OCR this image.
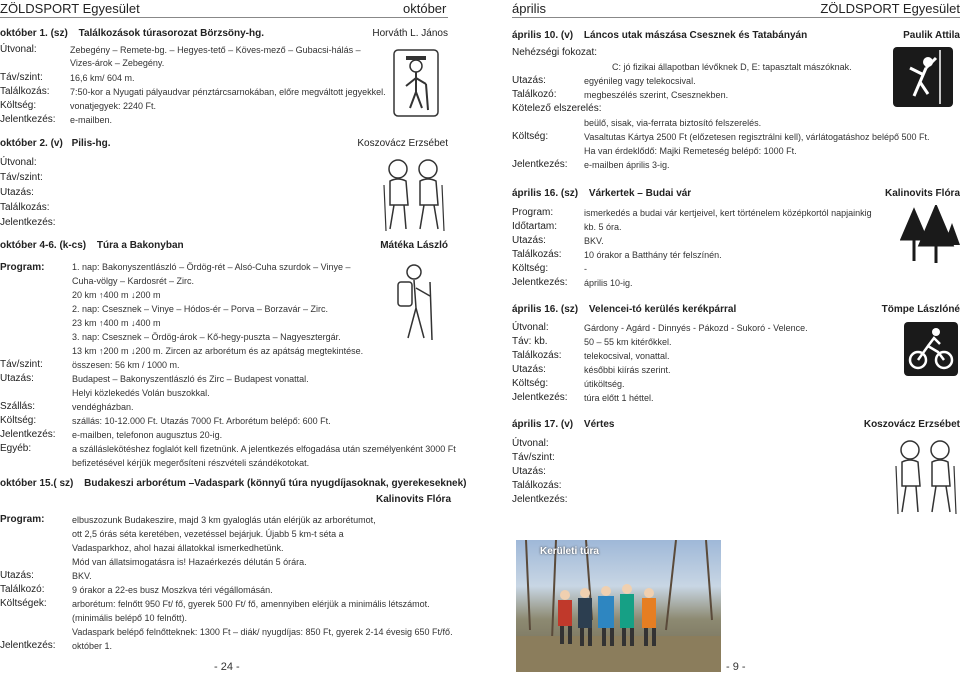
ZÖLDSPORT Egyesület	október
október 1. (sz) Találkozások túrasorozat Börzsöny-hg.	Horváth L. János
Útvonal:	Zebegény – Remete-bg. – Hegyes-tető – Köves-mező – Gubacsi-hálás –
Vizes-árok – Zebegény.
Táv/szint:	16,6 km/ 604 m.
Találkozás: 7:50-kor a Nyugati pályaudvar pénztárcsarnokában, előre megváltott jegyekkel.
Költség:	vonatjegyek: 2240 Ft.
Jelentkezés: e-mailben.
október 2. (v) Pilis-hg.	Koszovácz Erzsébet
Útvonal:
Táv/szint:
Utazás:
Találkozás:
Jelentkezés:
október 4-6. (k-cs) Túra a Bakonyban	Mátéka László
Program:	1. nap: Bakonyszentlászló – Ördög-rét – Alsó-Cuha szurdok – Vinye –
Cuha-völgy – Kardosrét – Zirc.
20 km ↑400 m ↓200 m
2. nap: Csesznek – Vinye – Hódos-ér – Porva – Borzavár – Zirc.
23 km ↑400 m ↓400 m
3. nap: Csesznek – Ördög-árok – Kő-hegy-puszta – Nagyesztergár.
13 km ↑200 m ↓200 m. Zircen az arborétum és az apátság megtekintése.
Táv/szint:	összesen: 56 km / 1000 m.
Utazás:	Budapest – Bakonyszentlászló és Zirc – Budapest vonattal.
Helyi közlekedés Volán buszokkal.
Szállás:	vendégházban.
Költség:	szállás: 10-12.000 Ft. Utazás 7000 Ft. Arborétum belépő: 600 Ft.
Jelentkezés: e-mailben, telefonon augusztus 20-ig.
Egyéb:	a szálláslekötéshez foglalót kell fizetnünk. A jelentkezés elfogadása után személyenként 3000 Ft
befizetésével kérjük megerősíteni részvételi szándékotokat.
október 15.( sz) Budakeszi arborétum –Vadaspark (könnyű túra nyugdíjasoknak, gyerekeseknek)
Kalinovits Flóra
Program:	elbuszozunk Budakeszire, majd 3 km gyaloglás után elérjük az arborétumot,
ott 2,5 órás séta keretében, vezetéssel bejárjuk. Újabb 5 km-t séta a
Vadasparkhoz, ahol hazai állatokkal ismerkedhetünk.
Mód van állatsimogatásra is! Hazaérkezés délután 5 órára.
Utazás:	BKV.
Találkozó:	9 órakor a 22-es busz Moszkva téri végállomásán.
Költségek:	arborétum: felnőtt 950 Ft/ fő, gyerek 500 Ft/ fő, amennyiben elérjük a minimális létszámot.
(minimális belépő 10 felnőtt).
Vadaspark belépő felnőtteknek: 1300 Ft – diák/ nyugdíjas: 850 Ft, gyerek 2-14 évesig 650 Ft/fő.
Jelentkezés: október 1.
- 24 -
április	ZÖLDSPORT Egyesület
április 10. (v) Láncos utak mászása Csesznek és Tatabányán	Paulik Attila
Nehézségi fokozat:
C: jó fizikai állapotban lévőknek D, E: tapasztalt mászóknak.
Utazás:	egyénileg vagy telekocsival.
Találkozó:	megbeszélés szerint, Csesznekben.
Kötelező elszerelés:
beülő, sisak, via-ferrata biztosító felszerelés.
Költség:	Vasaltutas Kártya 2500 Ft (előzetesen regisztrálni kell), várlátogatáshoz belépő 500 Ft.
Ha van érdeklődő: Majki Remeteség belépő: 1000 Ft.
Jelentkezés: e-mailben április 3-ig.
április 16. (sz) Várkertek – Budai vár	Kalinovits Flóra
Program:	ismerkedés a budai vár kertjeivel, kert történelem középkortól napjainkig
Időtartam:	kb. 5 óra.
Utazás:	BKV.
Találkozás:	10 órakor a Batthány tér felszínén.
Költség:	-
Jelentkezés: április 10-ig.
április 16. (sz) Velencei-tó kerülés kerékpárral	Tömpe Lászlóné
Útvonal:	Gárdony - Agárd - Dinnyés - Pákozd - Sukoró - Velence.
Táv: kb.	50 – 55 km kitérőkkel.
Találkozás:	telekocsival, vonattal.
Utazás:	későbbi kiírás szerint.
Költség:	útiköltség.
Jelentkezés: túra előtt 1 héttel.
április 17. (v) Vértes	Koszovácz Erzsébet
Útvonal:
Táv/szint:
Utazás:
Találkozás:
Jelentkezés:
- 9 -
Kerületi túra
